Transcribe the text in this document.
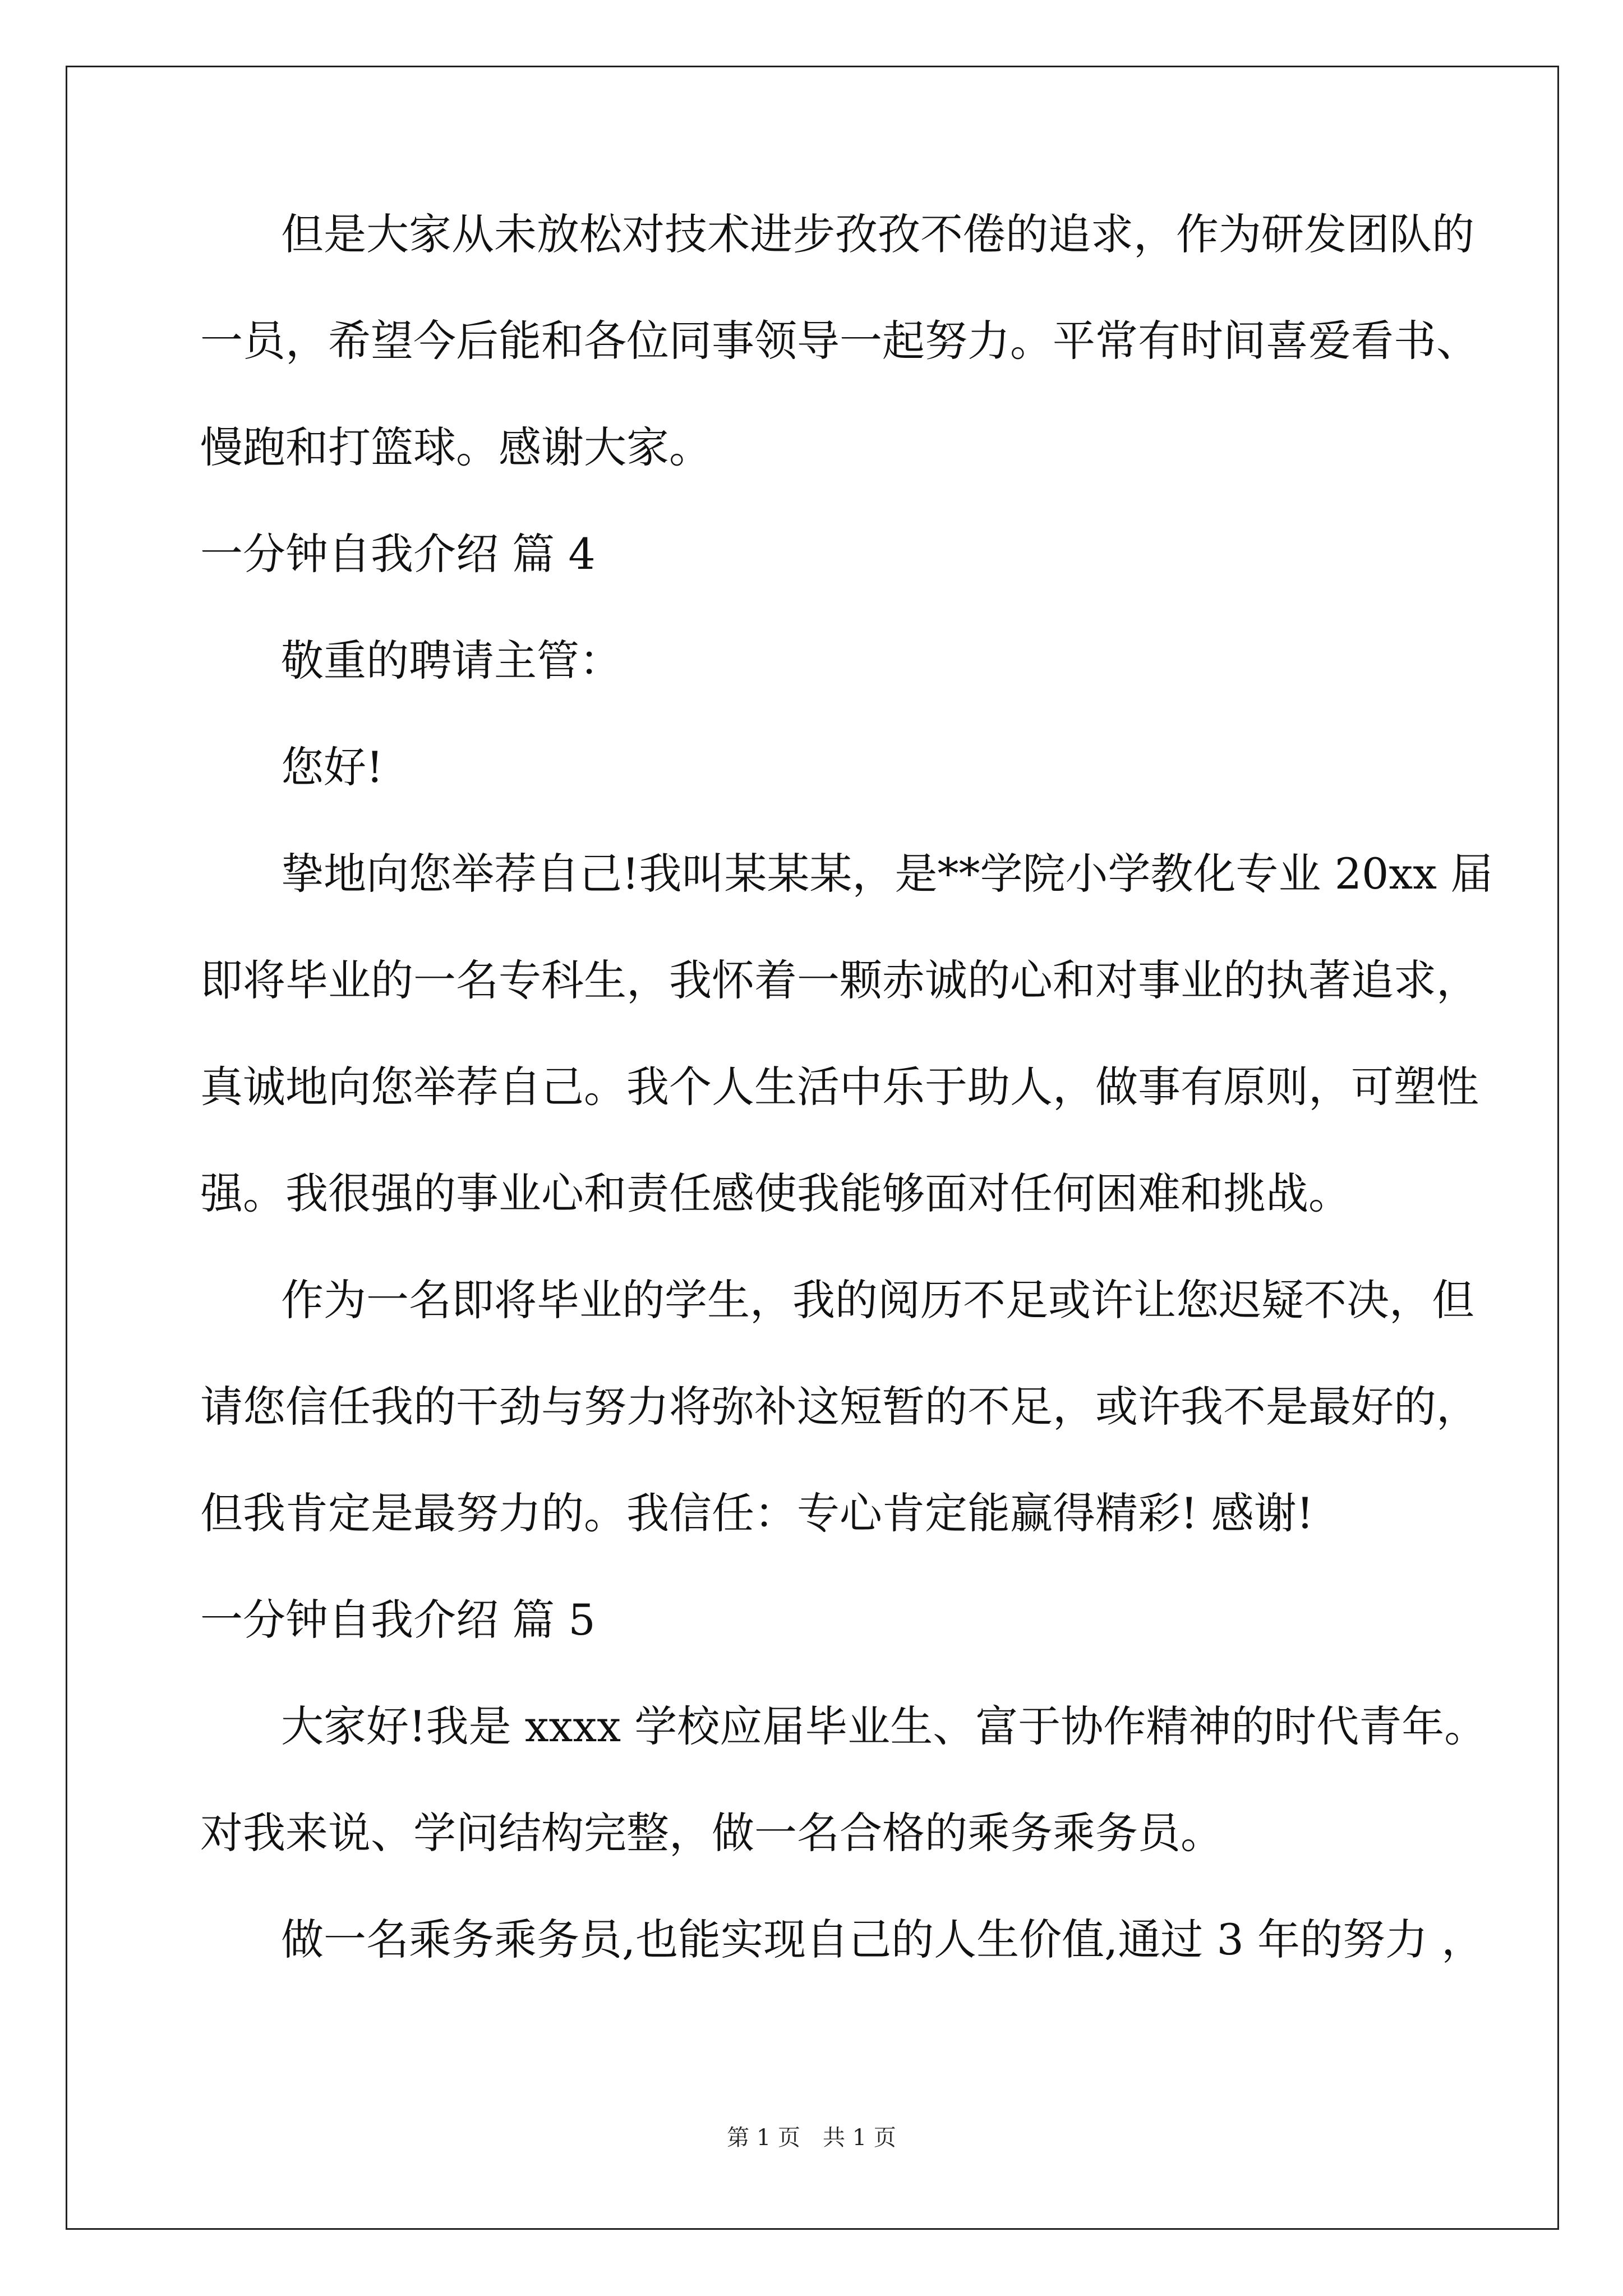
但是大家从未放松对技术进步孜孜不倦的追求，作为研发团队的
一员，希望今后能和各位同事领导一起努力。平常有时间喜爱看书、
慢跑和打篮球。感谢大家。
一分钟自我介绍 篇 4
敬重的聘请主管：
您好!
挚地向您举荐自己!我叫某某某，是**学院小学教化专业 20xx 届
即将毕业的一名专科生，我怀着一颗赤诚的心和对事业的执著追求，
真诚地向您举荐自己。我个人生活中乐于助人，做事有原则，可塑性
强。我很强的事业心和责任感使我能够面对任何困难和挑战。
作为一名即将毕业的学生，我的阅历不足或许让您迟疑不决，但
请您信任我的干劲与努力将弥补这短暂的不足，或许我不是最好的，
但我肯定是最努力的。我信任：专心肯定能赢得精彩! 感谢!
一分钟自我介绍 篇 5
大家好!我是 xxxx 学校应届毕业生、富于协作精神的时代青年。
对我来说、学问结构完整，做一名合格的乘务乘务员。
做一名乘务乘务员,也能实现自己的人生价值,通过 3 年的努力 ，
第 1 页　共 1 页
